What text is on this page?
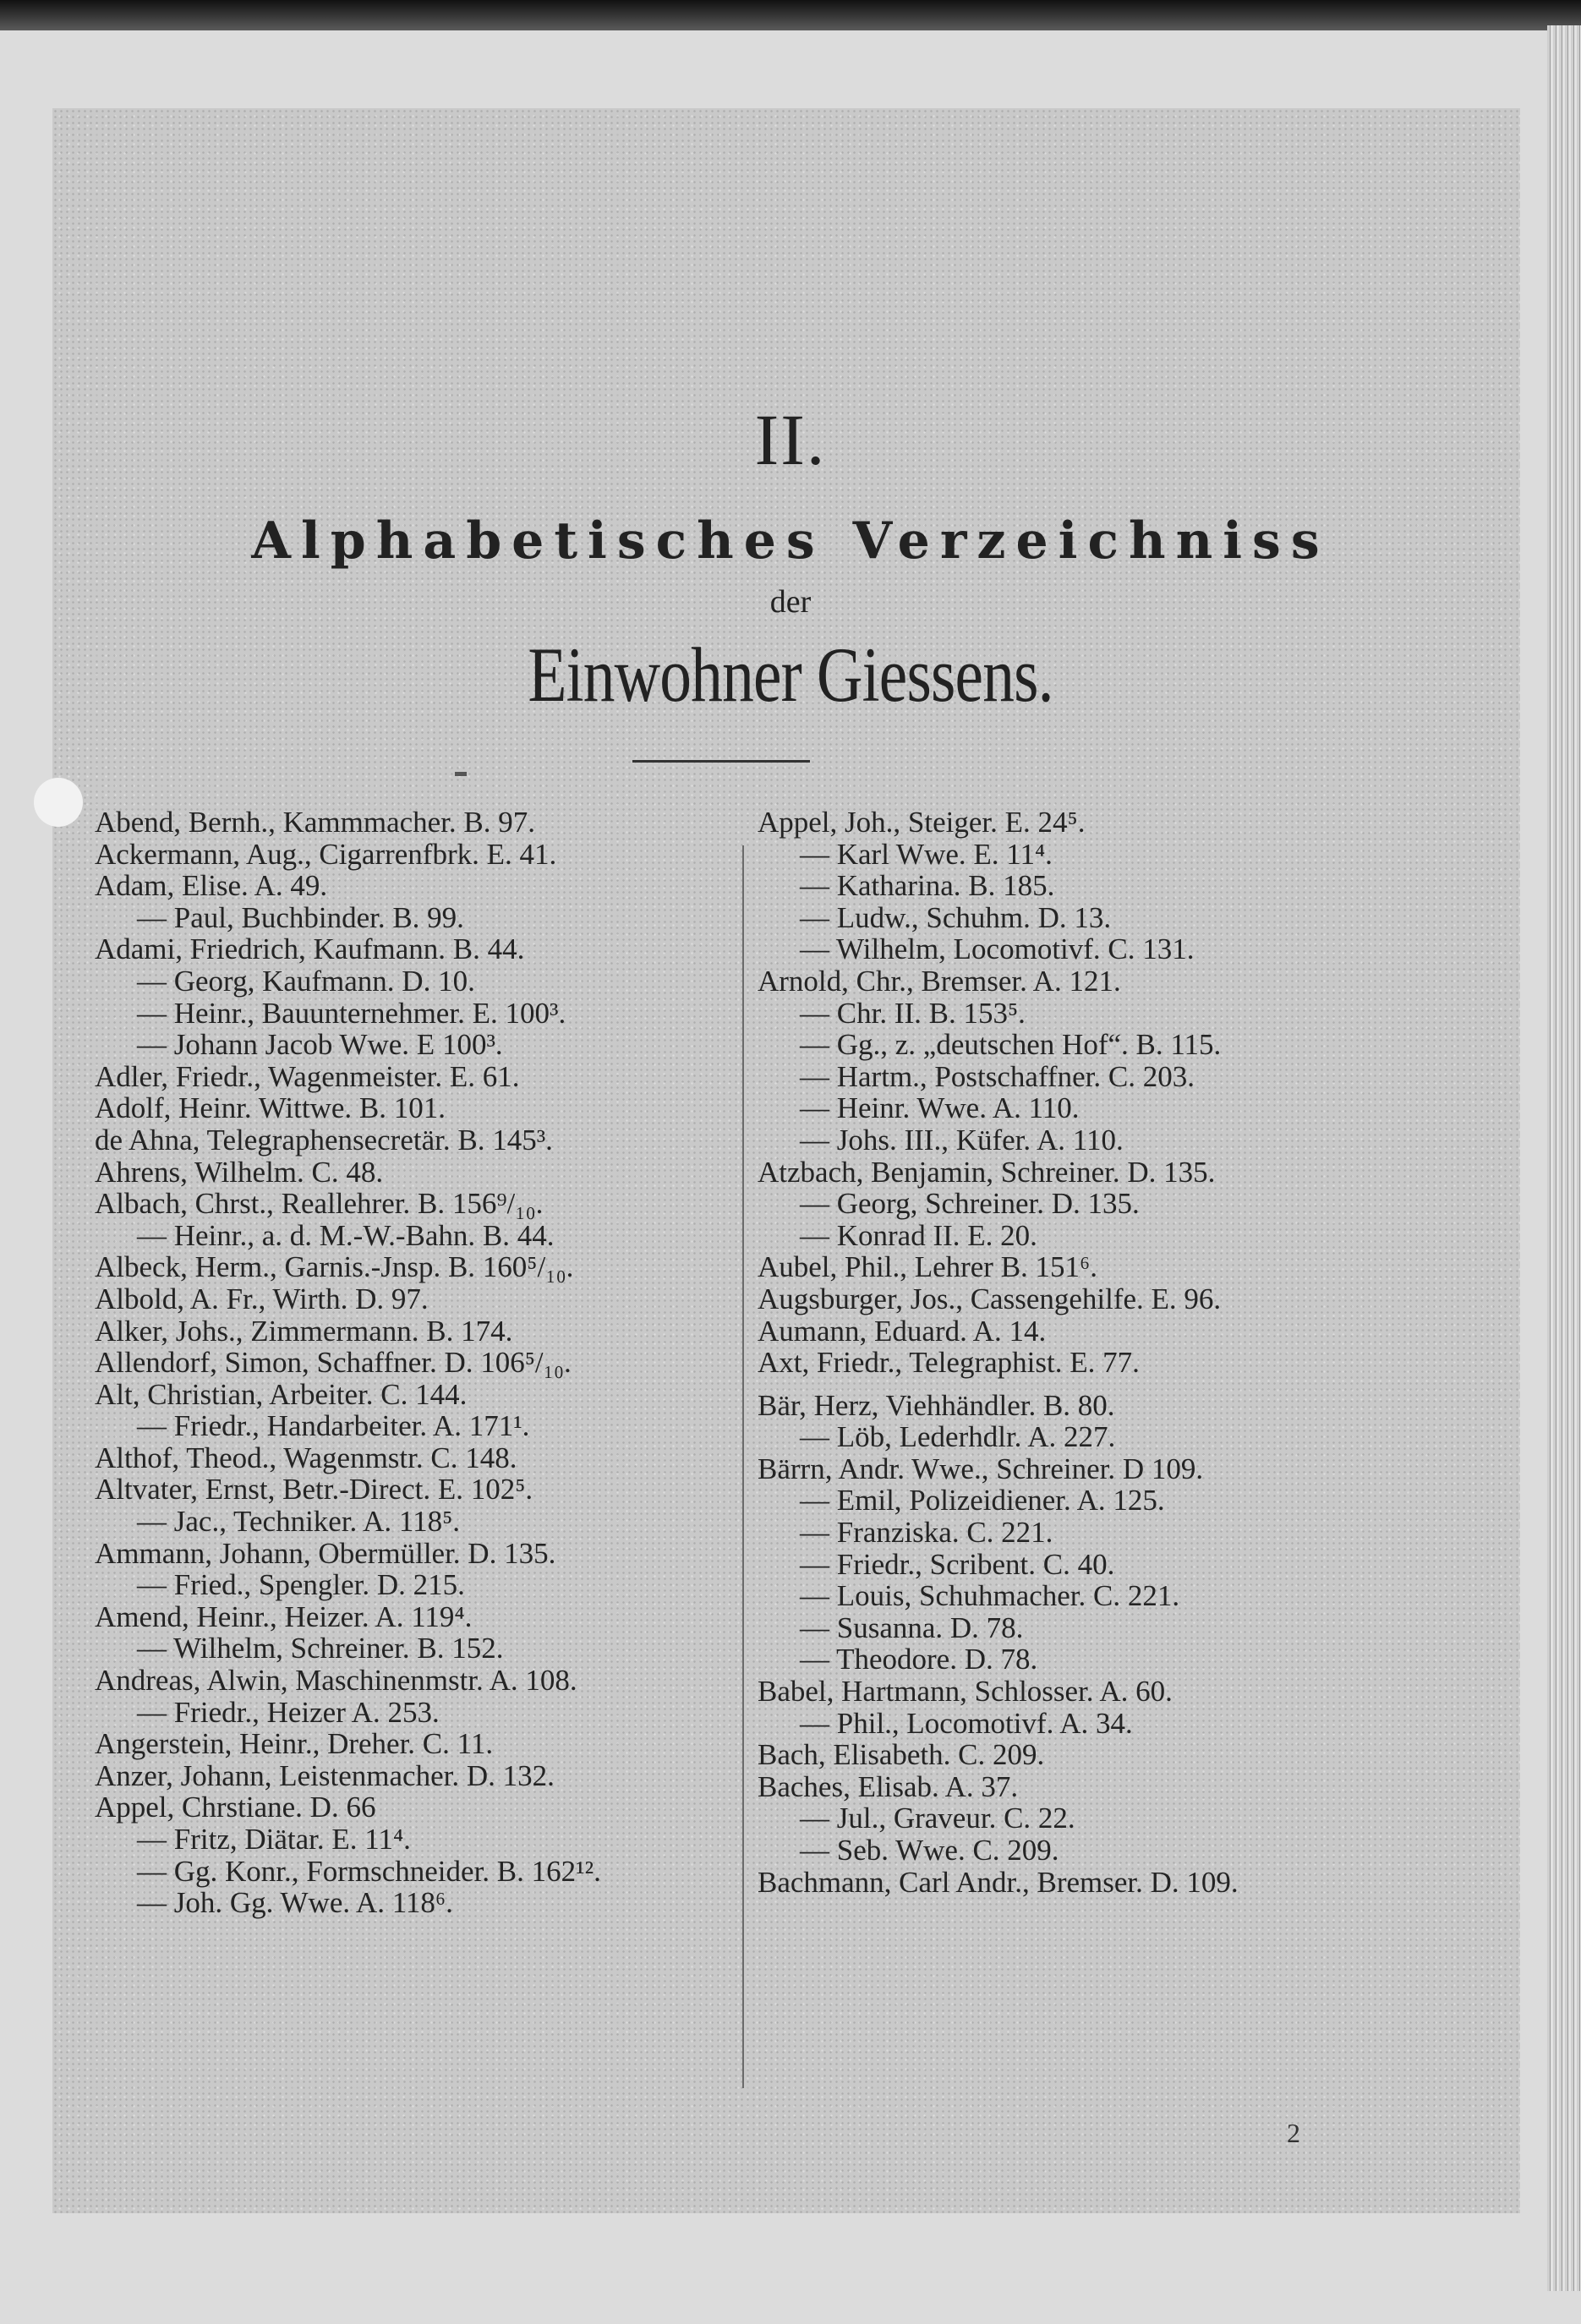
II.
Alphabetisches Verzeichniss
der
Einwohner Giessens.
Abend, Bernh., Kammmacher. B. 97.
Ackermann, Aug., Cigarrenfbrk. E. 41.
Adam, Elise. A. 49.
— Paul, Buchbinder. B. 99.
Adami, Friedrich, Kaufmann. B. 44.
— Georg, Kaufmann. D. 10.
— Heinr., Bauunternehmer. E. 100³.
— Johann Jacob Wwe. E 100³.
Adler, Friedr., Wagenmeister. E. 61.
Adolf, Heinr. Wittwe. B. 101.
de Ahna, Telegraphensecretär. B. 145³.
Ahrens, Wilhelm. C. 48.
Albach, Chrst., Reallehrer. B. 156⁹/₁₀.
— Heinr., a. d. M.-W.-Bahn. B. 44.
Albeck, Herm., Garnis.-Jnsp. B. 160⁵/₁₀.
Albold, A. Fr., Wirth. D. 97.
Alker, Johs., Zimmermann. B. 174.
Allendorf, Simon, Schaffner. D. 106⁵/₁₀.
Alt, Christian, Arbeiter. C. 144.
— Friedr., Handarbeiter. A. 171¹.
Althof, Theod., Wagenmstr. C. 148.
Altvater, Ernst, Betr.-Direct. E. 102⁵.
— Jac., Techniker. A. 118⁵.
Ammann, Johann, Obermüller. D. 135.
— Fried., Spengler. D. 215.
Amend, Heinr., Heizer. A. 119⁴.
— Wilhelm, Schreiner. B. 152.
Andreas, Alwin, Maschinenmstr. A. 108.
— Friedr., Heizer A. 253.
Angerstein, Heinr., Dreher. C. 11.
Anzer, Johann, Leistenmacher. D. 132.
Appel, Chrstiane. D. 66
— Fritz, Diätar. E. 11⁴.
— Gg. Konr., Formschneider. B. 162¹².
— Joh. Gg. Wwe. A. 118⁶.
Appel, Joh., Steiger. E. 24⁵.
— Karl Wwe. E. 11⁴.
— Katharina. B. 185.
— Ludw., Schuhm. D. 13.
— Wilhelm, Locomotivf. C. 131.
Arnold, Chr., Bremser. A. 121.
— Chr. II. B. 153⁵.
— Gg., z. „deutschen Hof“. B. 115.
— Hartm., Postschaffner. C. 203.
— Heinr. Wwe. A. 110.
— Johs. III., Küfer. A. 110.
Atzbach, Benjamin, Schreiner. D. 135.
— Georg, Schreiner. D. 135.
— Konrad II. E. 20.
Aubel, Phil., Lehrer B. 151⁶.
Augsburger, Jos., Cassengehilfe. E. 96.
Aumann, Eduard. A. 14.
Axt, Friedr., Telegraphist. E. 77.
Bär, Herz, Viehhändler. B. 80.
— Löb, Lederhdlr. A. 227.
Bärrn, Andr. Wwe., Schreiner. D 109.
— Emil, Polizeidiener. A. 125.
— Franziska. C. 221.
— Friedr., Scribent. C. 40.
— Louis, Schuhmacher. C. 221.
— Susanna. D. 78.
— Theodore. D. 78.
Babel, Hartmann, Schlosser. A. 60.
— Phil., Locomotivf. A. 34.
Bach, Elisabeth. C. 209.
Baches, Elisab. A. 37.
— Jul., Graveur. C. 22.
— Seb. Wwe. C. 209.
Bachmann, Carl Andr., Bremser. D. 109.
2
